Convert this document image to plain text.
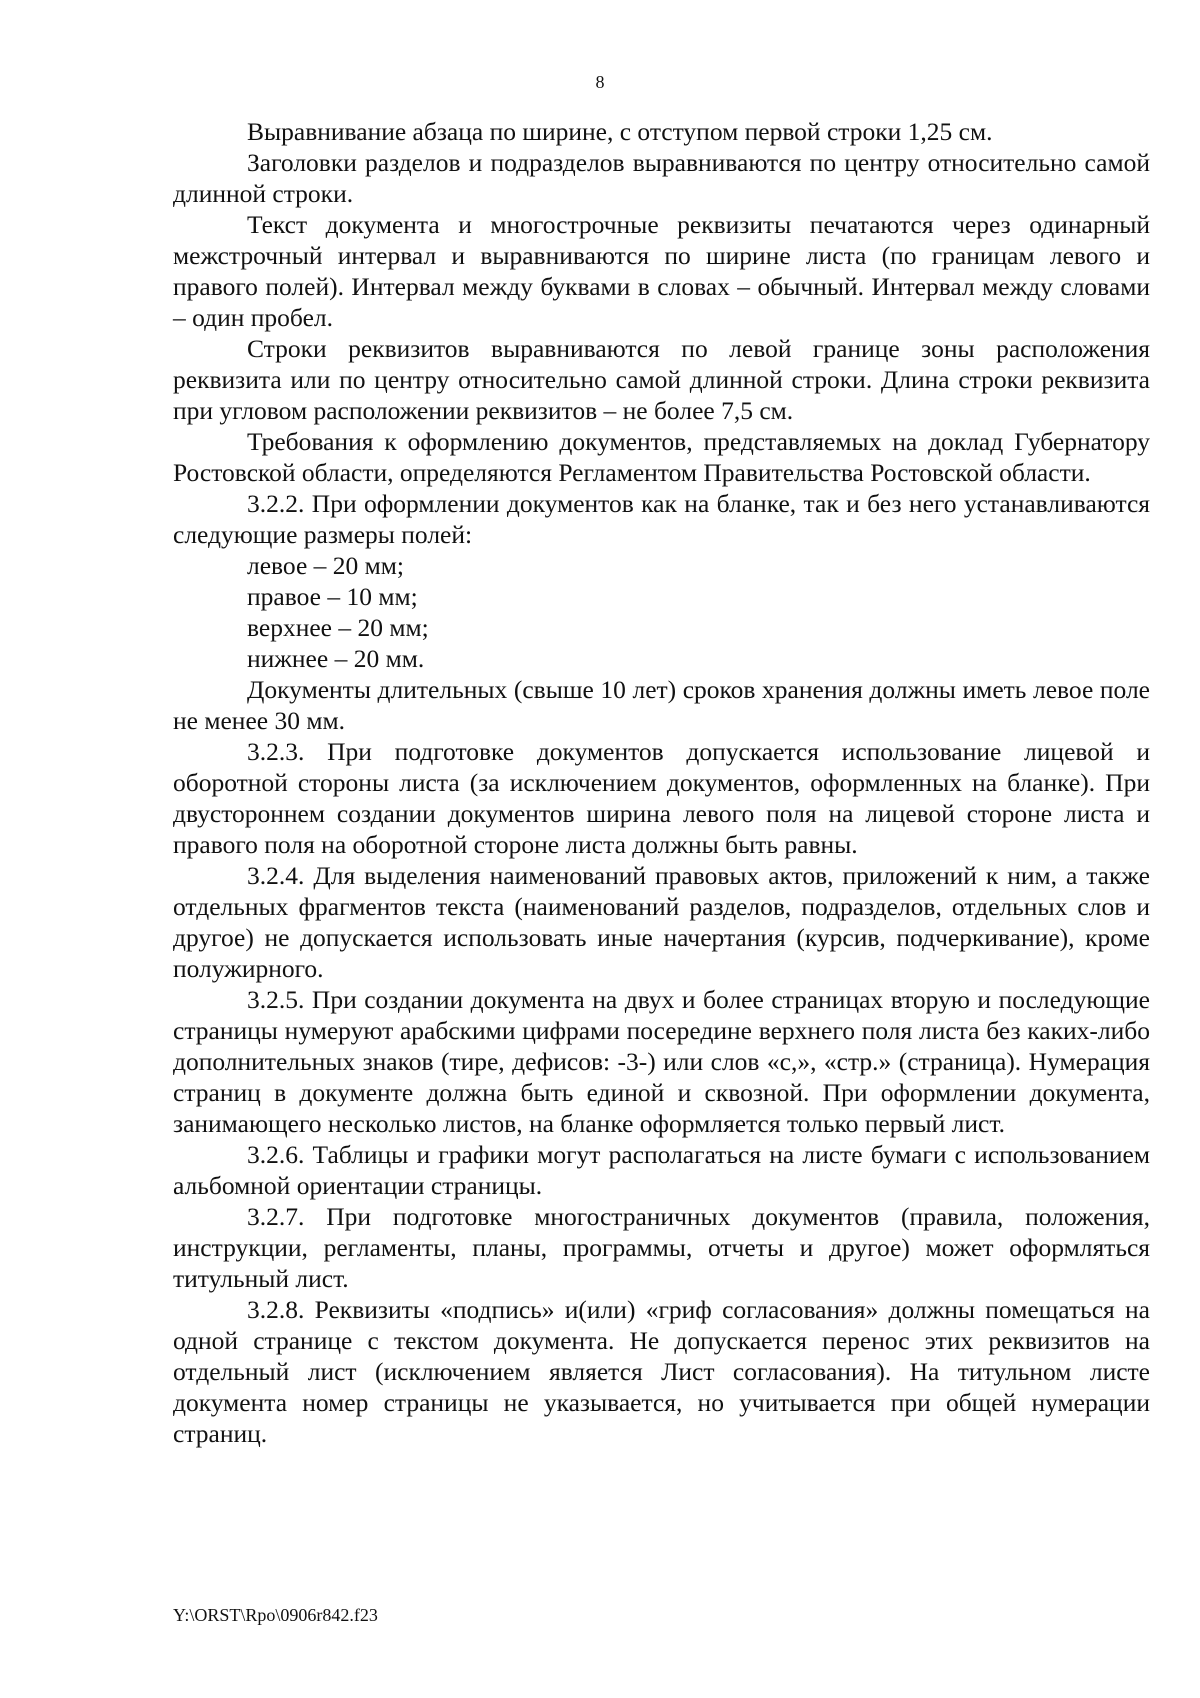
8

Выравнивание абзаца по ширине, с отступом первой строки 1,25 см.

Заголовки разделов и подразделов выравниваются по центру относительно самой длинной строки.

Текст документа и многострочные реквизиты печатаются через одинарный межстрочный интервал и выравниваются по ширине листа (по границам левого и правого полей). Интервал между буквами в словах – обычный. Интервал между словами – один пробел.

Строки реквизитов выравниваются по левой границе зоны расположения реквизита или по центру относительно самой длинной строки. Длина строки реквизита при угловом расположении реквизитов – не более 7,5 см.

Требования к оформлению документов, представляемых на доклад Губернатору Ростовской области, определяются Регламентом Правительства Ростовской области.

3.2.2. При оформлении документов как на бланке, так и без него устанавливаются следующие размеры полей:

левое – 20 мм;

правое – 10 мм;

верхнее – 20 мм;

нижнее – 20 мм.

Документы длительных (свыше 10 лет) сроков хранения должны иметь левое поле не менее 30 мм.

3.2.3. При подготовке документов допускается использование лицевой и оборотной стороны листа (за исключением документов, оформленных на бланке). При двустороннем создании документов ширина левого поля на лицевой стороне листа и правого поля на оборотной стороне листа должны быть равны.

3.2.4. Для выделения наименований правовых актов, приложений к ним, а также отдельных фрагментов текста (наименований разделов, подразделов, отдельных слов и другое) не допускается использовать иные начертания (курсив, подчеркивание), кроме полужирного.

3.2.5. При создании документа на двух и более страницах вторую и последующие страницы нумеруют арабскими цифрами посередине верхнего поля листа без каких-либо дополнительных знаков (тире, дефисов: -3-) или слов «с,», «стр.» (страница). Нумерация страниц в документе должна быть единой и сквозной. При оформлении документа, занимающего несколько листов, на бланке оформляется только первый лист.

3.2.6. Таблицы и графики могут располагаться на листе бумаги с использованием альбомной ориентации страницы.

3.2.7. При подготовке многостраничных документов (правила, положения, инструкции, регламенты, планы, программы, отчеты и другое) может оформляться титульный лист.

3.2.8. Реквизиты «подпись» и(или) «гриф согласования» должны помещаться на одной странице с текстом документа. Не допускается перенос этих реквизитов на отдельный лист (исключением является Лист согласования). На титульном листе документа номер страницы не указывается, но учитывается при общей нумерации страниц.

Y:\ORST\Rpo\0906r842.f23
